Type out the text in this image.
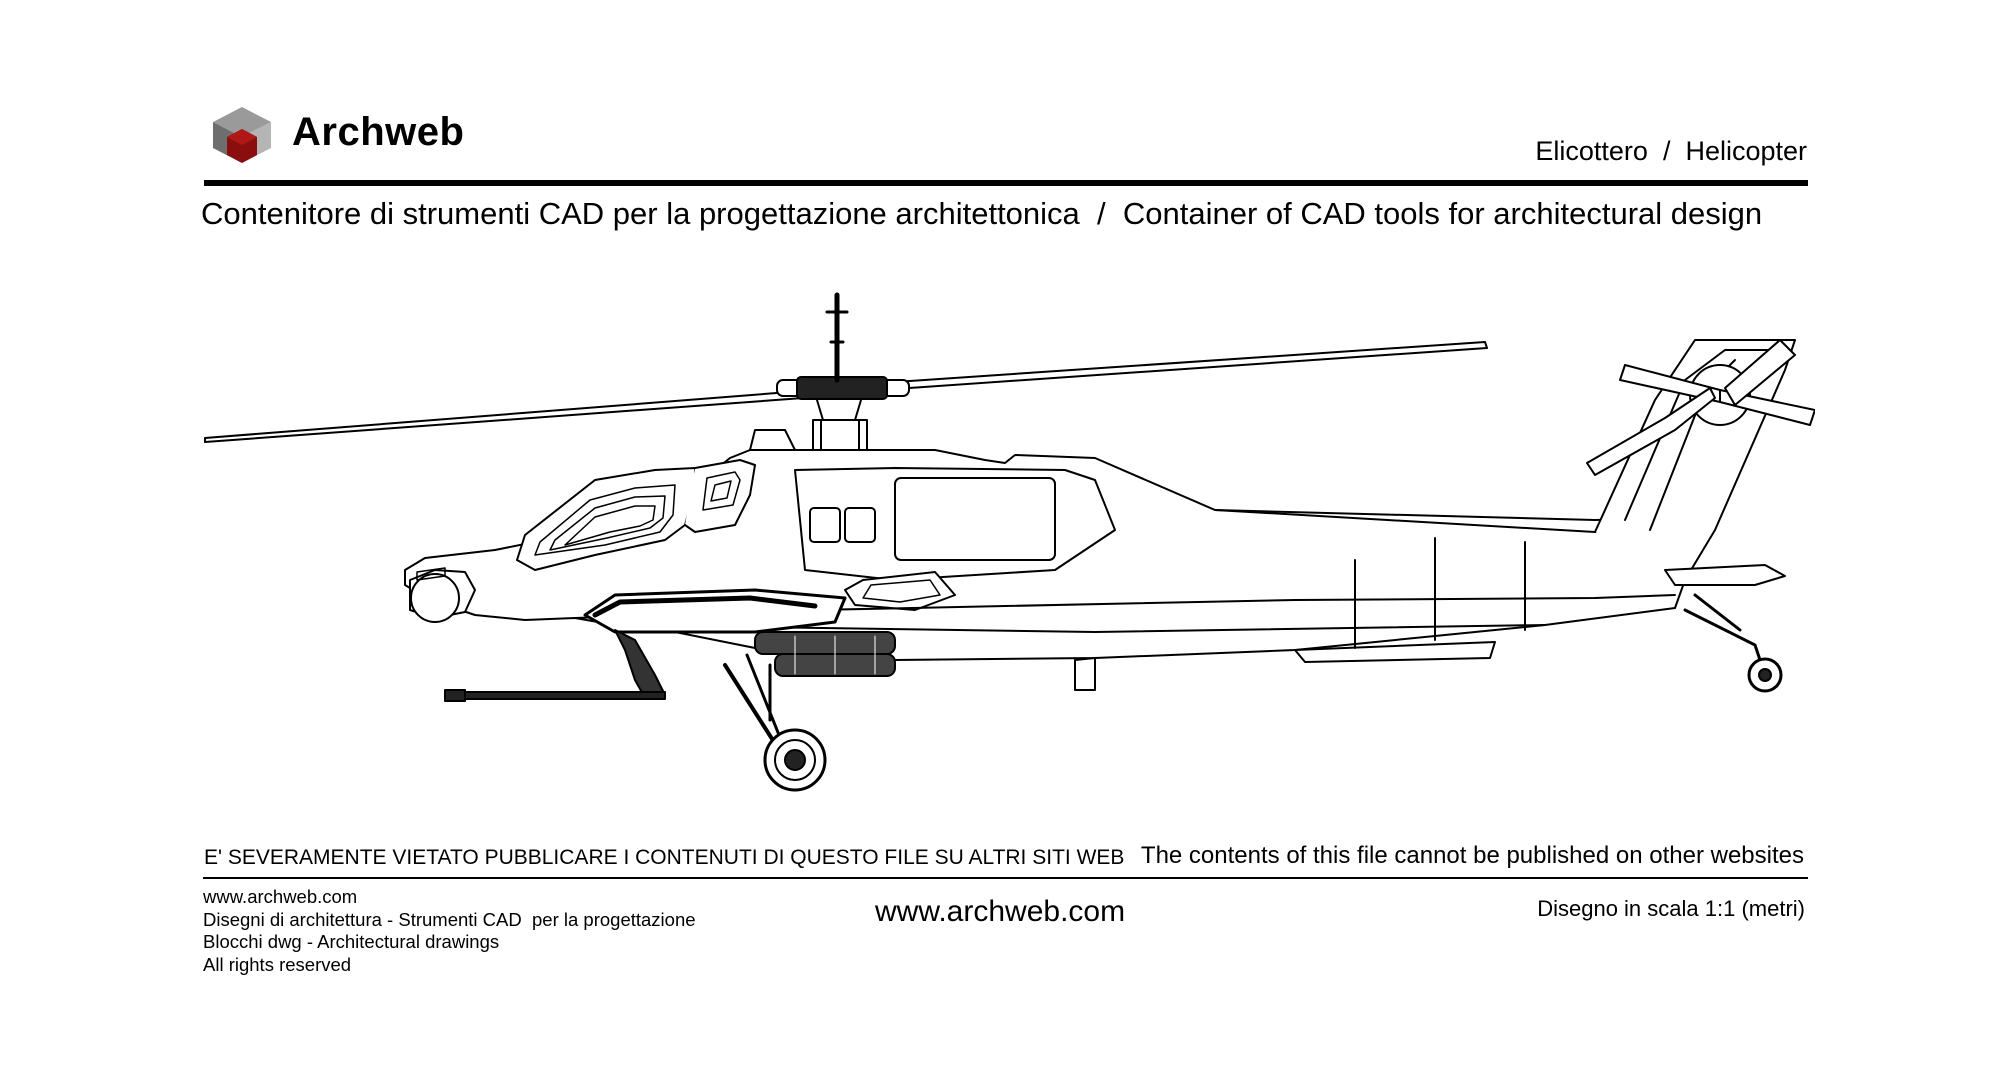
Archweb	Elicottero  /  Helicopter
Contenitore di strumenti CAD per la progettazione architettonica  /  Container of CAD tools for architectural design
E' SEVERAMENTE VIETATO PUBBLICARE I CONTENUTI DI QUESTO FILE SU ALTRI SITI WEB The contents of this file cannot be published on other websites
www.archweb.com
Disegni di architettura - Strumenti CAD  per la progettazione
Blocchi dwg - Architectural drawings
All rights reserved
www.archweb.com	Disegno in scala 1:1 (metri)
